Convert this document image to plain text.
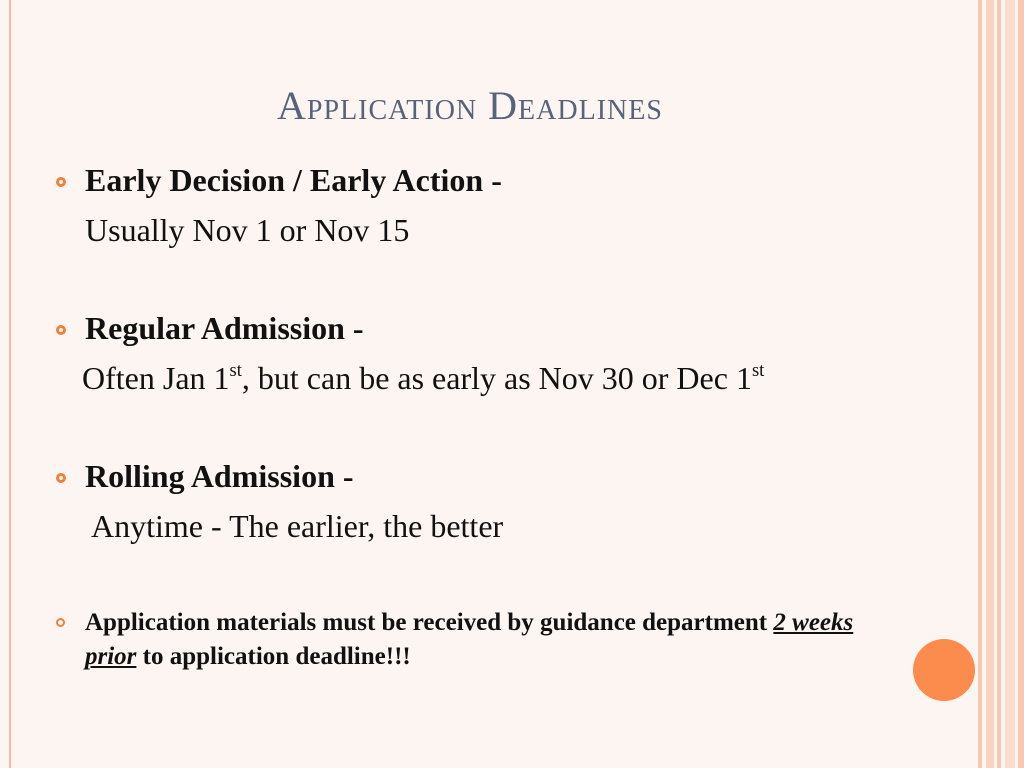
Application Deadlines
Early Decision / Early Action -
Usually Nov 1 or Nov 15
Regular Admission -
Often Jan 1st, but can be as early as Nov 30 or Dec 1st
Rolling Admission -
Anytime - The earlier, the better
Application materials must be received by guidance department 2 weeks prior to application deadline!!!
